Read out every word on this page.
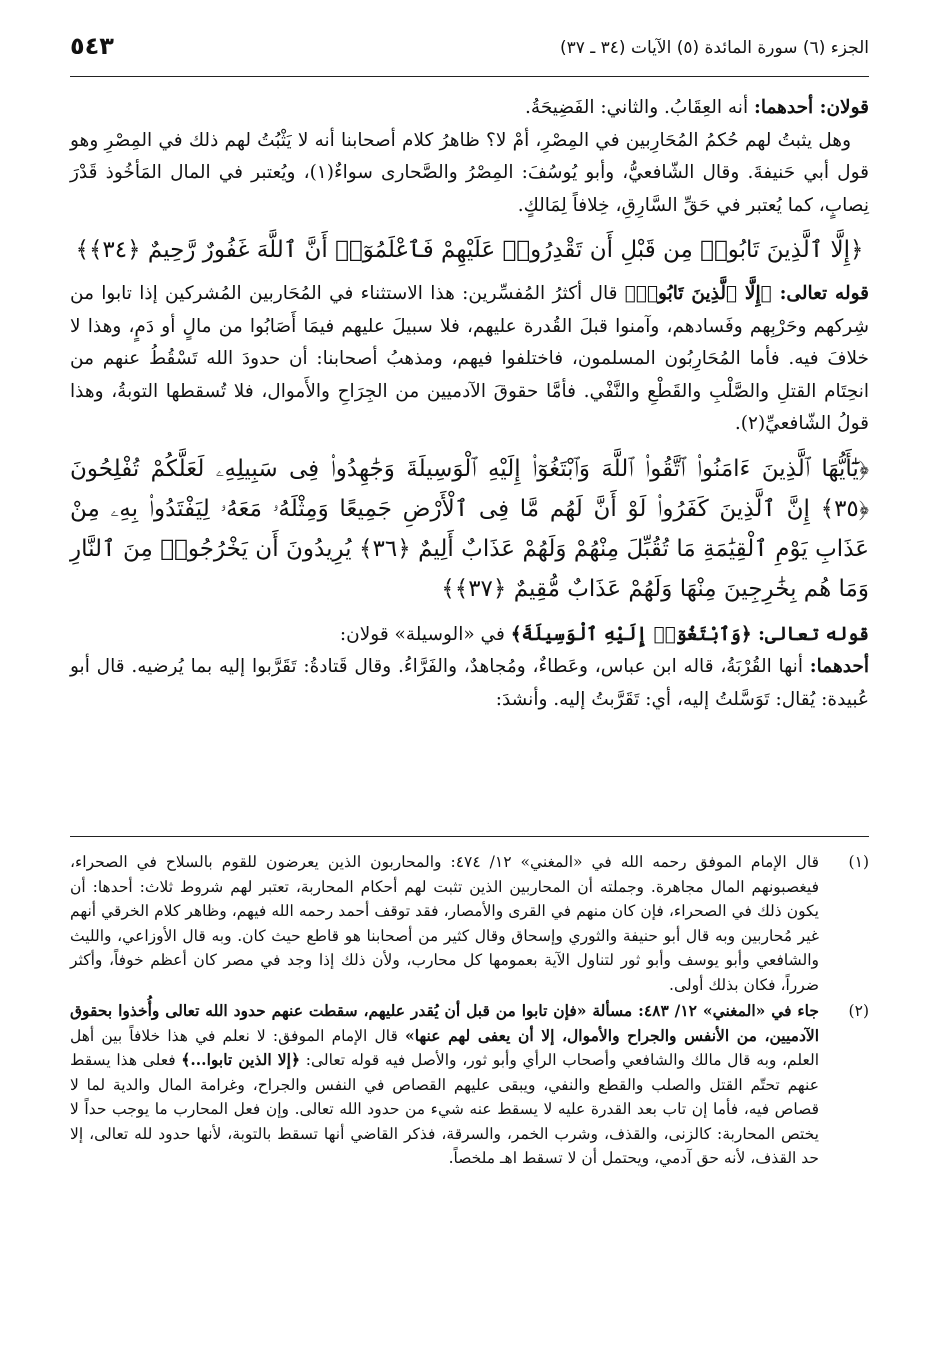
الجزء (٦) سورة المائدة (٥) الآيات (٣٤ ـ ٣٧)
٥٤٣

قولان: أحدهما: أنه العِقَابُ. والثاني: الفَضِيحَةُ.

وهل يثبتُ لهم حُكمُ المُحَارِبين في المِصْرِ، أمْ لا؟ ظاهرُ كلام أصحابنا أنه لا يَثْبُتُ لهم ذلك في المِصْرِ وهو قول أبي حَنيفةَ. وقال الشّافعيُّ، وأبو يُوسُفَ: المِصْرُ والصَّحارى سواءٌ(١)، ويُعتبر في المال المَأخُوذ قَدْرَ نِصابٍ، كما يُعتبر في حَقِّ السَّارِقِ، خِلافاً لِمَالكٍ.

﴿إِلَّا ٱلَّذِينَ تَابُوا۟ مِن قَبْلِ أَن تَقْدِرُوا۟ عَلَيْهِمْ فَٱعْلَمُوٓا۟ أَنَّ ٱللَّهَ غَفُورٌ رَّحِيمٌ ﴿٣٤﴾﴾

قوله تعالى: ﴿إِلَّا ٱلَّذِينَ تَابُوا۟﴾ قال أكثرُ المُفسِّرين: هذا الاستثناء في المُحَاربين المُشركين إذا تابوا من شِركهم وحَرْبِهم وفَسادهم، وآمنوا قبلَ القُدرة عليهم، فلا سبيلَ عليهم فيمَا أَصَابُوا من مالٍ أو دَمٍ، وهذا لا خلافَ فيه. فأما المُحَارِبُون المسلمون، فاختلفوا فيهم، ومذهبُ أصحابنا: أن حدودَ الله تَسْقُطُ عنهم من انحِتَام القتلِ والصَّلْبِ والقَطْعِ والنَّفْي. فأمَّا حقوقَ الآدميين من الجِرَاحِ والأَموال، فلا تُسقطها التوبةُ، وهذا قولُ الشّافعيِّ(٢).

﴿يَٰٓأَيُّهَا ٱلَّذِينَ ءَامَنُوا۟ ٱتَّقُوا۟ ٱللَّهَ وَٱبْتَغُوٓا۟ إِلَيْهِ ٱلْوَسِيلَةَ وَجَٰهِدُوا۟ فِى سَبِيلِهِۦ لَعَلَّكُمْ تُفْلِحُونَ ﴿٣٥﴾ إِنَّ ٱلَّذِينَ كَفَرُوا۟ لَوْ أَنَّ لَهُم مَّا فِى ٱلْأَرْضِ جَمِيعًا وَمِثْلَهُۥ مَعَهُۥ لِيَفْتَدُوا۟ بِهِۦ مِنْ عَذَابِ يَوْمِ ٱلْقِيَٰمَةِ مَا تُقُبِّلَ مِنْهُمْ وَلَهُمْ عَذَابٌ أَلِيمٌ ﴿٣٦﴾ يُرِيدُونَ أَن يَخْرُجُوا۟ مِنَ ٱلنَّارِ وَمَا هُم بِخَٰرِجِينَ مِنْهَا وَلَهُمْ عَذَابٌ مُّقِيمٌ ﴿٣٧﴾﴾

قوله تعالى: ﴿وَٱبْتَغُوٓا۟ إِلَيْهِ ٱلْوَسِيلَةَ﴾ في «الوسيلة» قولان:

أحدهما: أنها القُرْبَةُ، قاله ابن عباس، وعَطاءٌ، ومُجاهدٌ، والفَرَّاءُ. وقال قَتادةُ: تَقَرَّبوا إليه بما يُرضيه. قال أبو عُبيدة: يُقال: تَوَسَّلتُ إليه، أي: تَقَرَّبتُ إليه. وأنشدَ:

(١)
قال الإمام الموفق رحمه الله في «المغني» ١٢/ ٤٧٤: والمحاربون الذين يعرضون للقوم بالسلاح في الصحراء، فيغصبونهم المال مجاهرة. وجملته أن المحاربين الذين تثبت لهم أحكام المحاربة، تعتبر لهم شروط ثلاث: أحدها: أن يكون ذلك في الصحراء، فإن كان منهم في القرى والأمصار، فقد توقف أحمد رحمه الله فيهم، وظاهر كلام الخرقي أنهم غير مُحاربين وبه قال أبو حنيفة والثوري وإسحاق وقال كثير من أصحابنا هو قاطع حيث كان. وبه قال الأوزاعي، والليث والشافعي وأبو يوسف وأبو ثور لتناول الآية بعمومها كل محارب، ولأن ذلك إذا وجد في مصر كان أعظم خوفاً، وأكثر ضرراً، فكان بذلك أولى.

(٢)
جاء في «المغني» ١٢/ ٤٨٣: مسألة «فإن تابوا من قبل أن يُقدر عليهم، سقطت عنهم حدود الله تعالى وأُخذوا بحقوق الآدميين، من الأنفس والجراح والأموال، إلا أن يعفى لهم عنها» قال الإمام الموفق: لا نعلم في هذا خلافاً بين أهل العلم، وبه قال مالك والشافعي وأصحاب الرأي وأبو ثور، والأصل فيه قوله تعالى: ﴿إلا الذين تابوا...﴾ فعلى هذا يسقط عنهم تحتّم القتل والصلب والقطع والنفي، ويبقى عليهم القصاص في النفس والجراح، وغرامة المال والدية لما لا قصاص فيه، فأما إن تاب بعد القدرة عليه لا يسقط عنه شيء من حدود الله تعالى. وإن فعل المحارب ما يوجب حداً لا يختص المحاربة: كالزنى، والقذف، وشرب الخمر، والسرقة، فذكر القاضي أنها تسقط بالتوبة، لأنها حدود لله تعالى، إلا حد القذف، لأنه حق آدمي، ويحتمل أن لا تسقط اهـ ملخصاً.
